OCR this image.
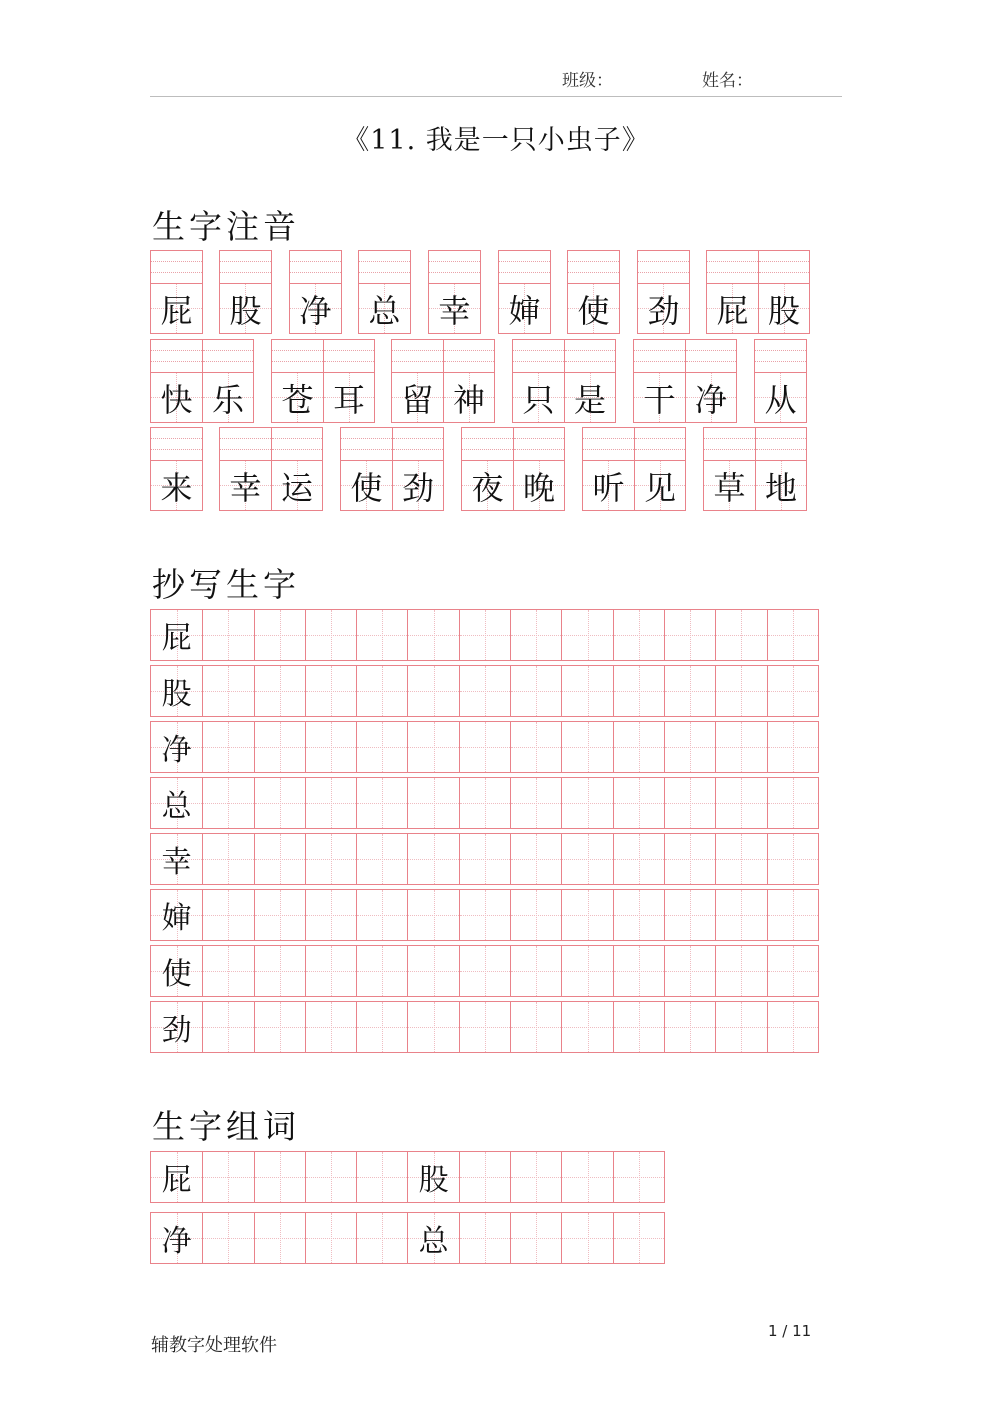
班级：	姓名：
《11. 我是一只小虫子》
生字注音
屁 股 净 总 幸 婶 使 劲 屁 股
快 乐 苍 耳 留 神 只 是 干 净 从
来 幸 运 使 劲 夜 晚 听 见 草 地
抄写生字
屁
股
净
总
幸
婶
使
劲
生字组词
屁	股
净	总
辅教字处理软件
1 / 11
